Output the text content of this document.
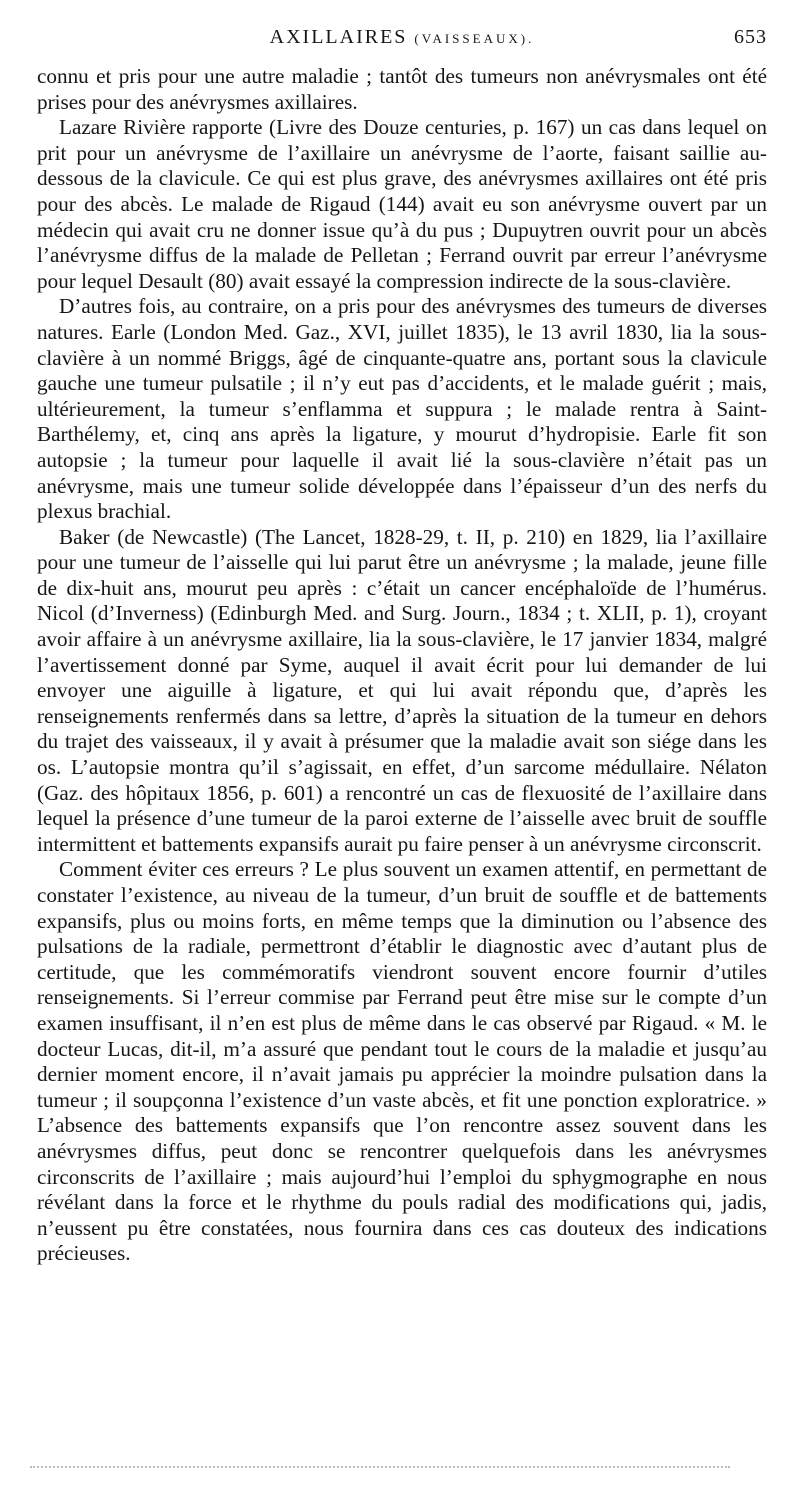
AXILLAIRES (VAISSEAUX).	653

connu et pris pour une autre maladie ; tantôt des tumeurs non anévrysmales ont été prises pour des anévrysmes axillaires.

Lazare Rivière rapporte (Livre des Douze centuries, p. 167) un cas dans lequel on prit pour un anévrysme de l’axillaire un anévrysme de l’aorte, faisant saillie au-dessous de la clavicule. Ce qui est plus grave, des anévrysmes axillaires ont été pris pour des abcès. Le malade de Rigaud (144) avait eu son anévrysme ouvert par un médecin qui avait cru ne donner issue qu’à du pus ; Dupuytren ouvrit pour un abcès l’anévrysme diffus de la malade de Pelletan ; Ferrand ouvrit par erreur l’anévrysme pour lequel Desault (80) avait essayé la compression indirecte de la sous-clavière.

D’autres fois, au contraire, on a pris pour des anévrysmes des tumeurs de diverses natures. Earle (London Med. Gaz., XVI, juillet 1835), le 13 avril 1830, lia la sous-clavière à un nommé Briggs, âgé de cinquante-quatre ans, portant sous la clavicule gauche une tumeur pulsatile ; il n’y eut pas d’accidents, et le malade guérit ; mais, ultérieurement, la tumeur s’enflamma et suppura ; le malade rentra à Saint-Barthélemy, et, cinq ans après la ligature, y mourut d’hydropisie. Earle fit son autopsie ; la tumeur pour laquelle il avait lié la sous-clavière n’était pas un anévrysme, mais une tumeur solide développée dans l’épaisseur d’un des nerfs du plexus brachial.

Baker (de Newcastle) (The Lancet, 1828-29, t. II, p. 210) en 1829, lia l’axillaire pour une tumeur de l’aisselle qui lui parut être un anévrysme ; la malade, jeune fille de dix-huit ans, mourut peu après : c’était un cancer encéphaloïde de l’humérus. Nicol (d’Inverness) (Edinburgh Med. and Surg. Journ., 1834 ; t. XLII, p. 1), croyant avoir affaire à un anévrysme axillaire, lia la sous-clavière, le 17 janvier 1834, malgré l’avertissement donné par Syme, auquel il avait écrit pour lui demander de lui envoyer une aiguille à ligature, et qui lui avait répondu que, d’après les renseignements renfermés dans sa lettre, d’après la situation de la tumeur en dehors du trajet des vaisseaux, il y avait à présumer que la maladie avait son siége dans les os. L’autopsie montra qu’il s’agissait, en effet, d’un sarcome médullaire. Nélaton (Gaz. des hôpitaux 1856, p. 601) a rencontré un cas de flexuosité de l’axillaire dans lequel la présence d’une tumeur de la paroi externe de l’aisselle avec bruit de souffle intermittent et battements expansifs aurait pu faire penser à un anévrysme circonscrit.

Comment éviter ces erreurs ? Le plus souvent un examen attentif, en permettant de constater l’existence, au niveau de la tumeur, d’un bruit de souffle et de battements expansifs, plus ou moins forts, en même temps que la diminution ou l’absence des pulsations de la radiale, permettront d’établir le diagnostic avec d’autant plus de certitude, que les commémoratifs viendront souvent encore fournir d’utiles renseignements. Si l’erreur commise par Ferrand peut être mise sur le compte d’un examen insuffisant, il n’en est plus de même dans le cas observé par Rigaud. « M. le docteur Lucas, dit-il, m’a assuré que pendant tout le cours de la maladie et jusqu’au dernier moment encore, il n’avait jamais pu apprécier la moindre pulsation dans la tumeur ; il soupçonna l’existence d’un vaste abcès, et fit une ponction exploratrice. » L’absence des battements expansifs que l’on rencontre assez souvent dans les anévrysmes diffus, peut donc se rencontrer quelquefois dans les anévrysmes circonscrits de l’axillaire ; mais aujourd’hui l’emploi du sphygmographe en nous révélant dans la force et le rhythme du pouls radial des modifications qui, jadis, n’eussent pu être constatées, nous fournira dans ces cas douteux des indications précieuses.
